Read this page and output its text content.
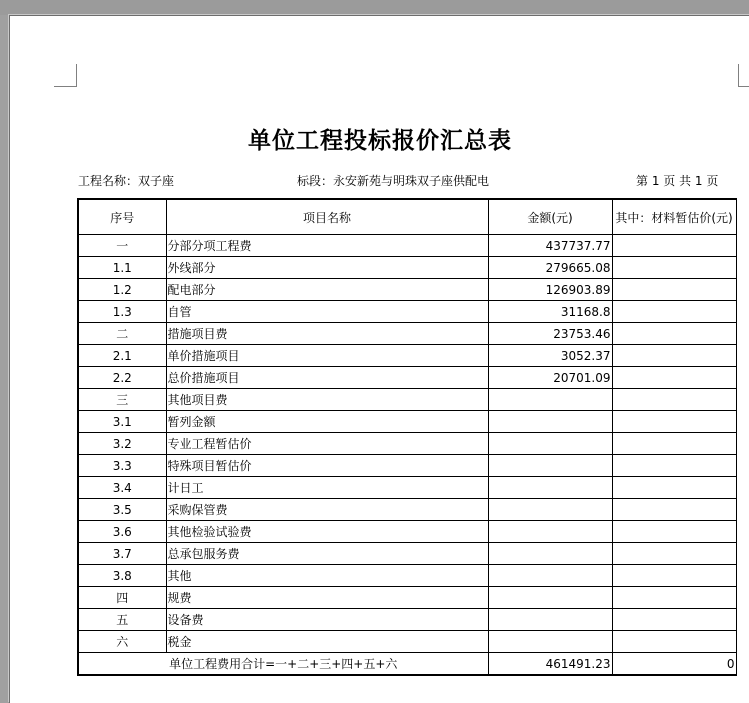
单位工程投标报价汇总表
工程名称：双子座	标段：永安新苑与明珠双子座供配电	第 1 页 共 1 页
序号	项目名称	金额(元)	其中：材料暂估价(元)
一	分部分项工程费	437737.77	
1.1	外线部分	279665.08	
1.2	配电部分	126903.89	
1.3	自管	31168.8	
二	措施项目费	23753.46	
2.1	单价措施项目	3052.37	
2.2	总价措施项目	20701.09	
三	其他项目费		
3.1	暂列金额		
3.2	专业工程暂估价		
3.3	特殊项目暂估价		
3.4	计日工		
3.5	采购保管费		
3.6	其他检验试验费		
3.7	总承包服务费		
3.8	其他		
四	规费		
五	设备费		
六	税金		
单位工程费用合计=一+二+三+四+五+六		461491.23	0
